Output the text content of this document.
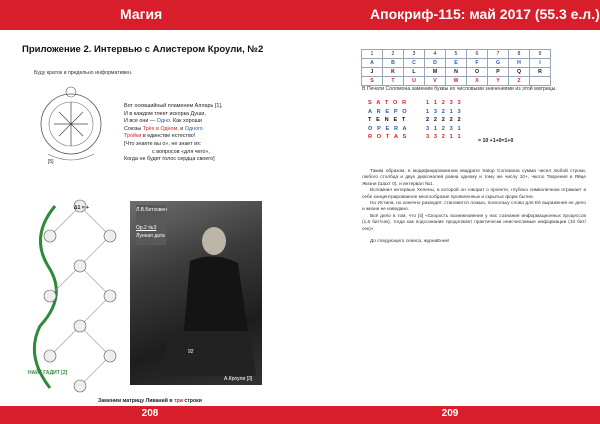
Магия
Приложение 2. Интервью с Алистером Кроули, №2
Буду краток и предельно информативен.
[5]
Вот осевшийный пламенем Алларь [1],
И в каждом тлеет искорка Души,
И все они — Одно. Как хороши
Союзы Трёх в Одном, и Одного
Тройки в единстве естество!
[Что знаете вы о», не знает их:
с вопросов «для чего»,
Когда не будет голос сердца своего]
Δ1 = +
НАЙТ ГАДИТ [2]
Л.В.Бетховен
Ор.2 №3
Лунная дата
92
А.Кроули [3]
Заменим матрицу Ливаний в три строки
208
Апокриф-115: май 2017 (55.3 е.л.)
1	2	3	4	5	6	7	8	9
A	B	C	D	E	F	G	H	I
J	K	L	M	N	O	P	Q	R
S	T	U	V	W	X	Y	Z	
В Печати Соломона заменим буквы их числовыми значениями из этой матрицы.
S A T O R
A R E P O
T E N E T
O P E R A
R O T A S
1 1 2 3 3
1 3 2 1 3
2 2 2 2 2
3 1 2 3 1
3 3 2 1 1
= 10 +1+0=1+0

Таким образом, в модифицированном квадрате Satoр Соломона сумма чисел любой строки, любого столбца и двух диагоналей равна одному и тому же числу 10+, число Творения в Яйце Жизни (Шахт 0), и интервал №1.

Вспомнил интервью Хелены, в которой он говорит о проекте, глубоко символичном отражает в себе концентрированное многообразие проявленных и скрытых форм бытия.

Но Истина, но конечно разводят, становится ложью, поскольку слово для Её выражения не дело и жизни не изведано.

Всё дело в том, что [4] «Скорость возникновения у нас сознания информационных процессов (1,6 бит/сек), тогда как подсознание продолжает практически неисчислимые информации (10 бит/сек)».

До следующего сеанса, журнаЕнне!

209
